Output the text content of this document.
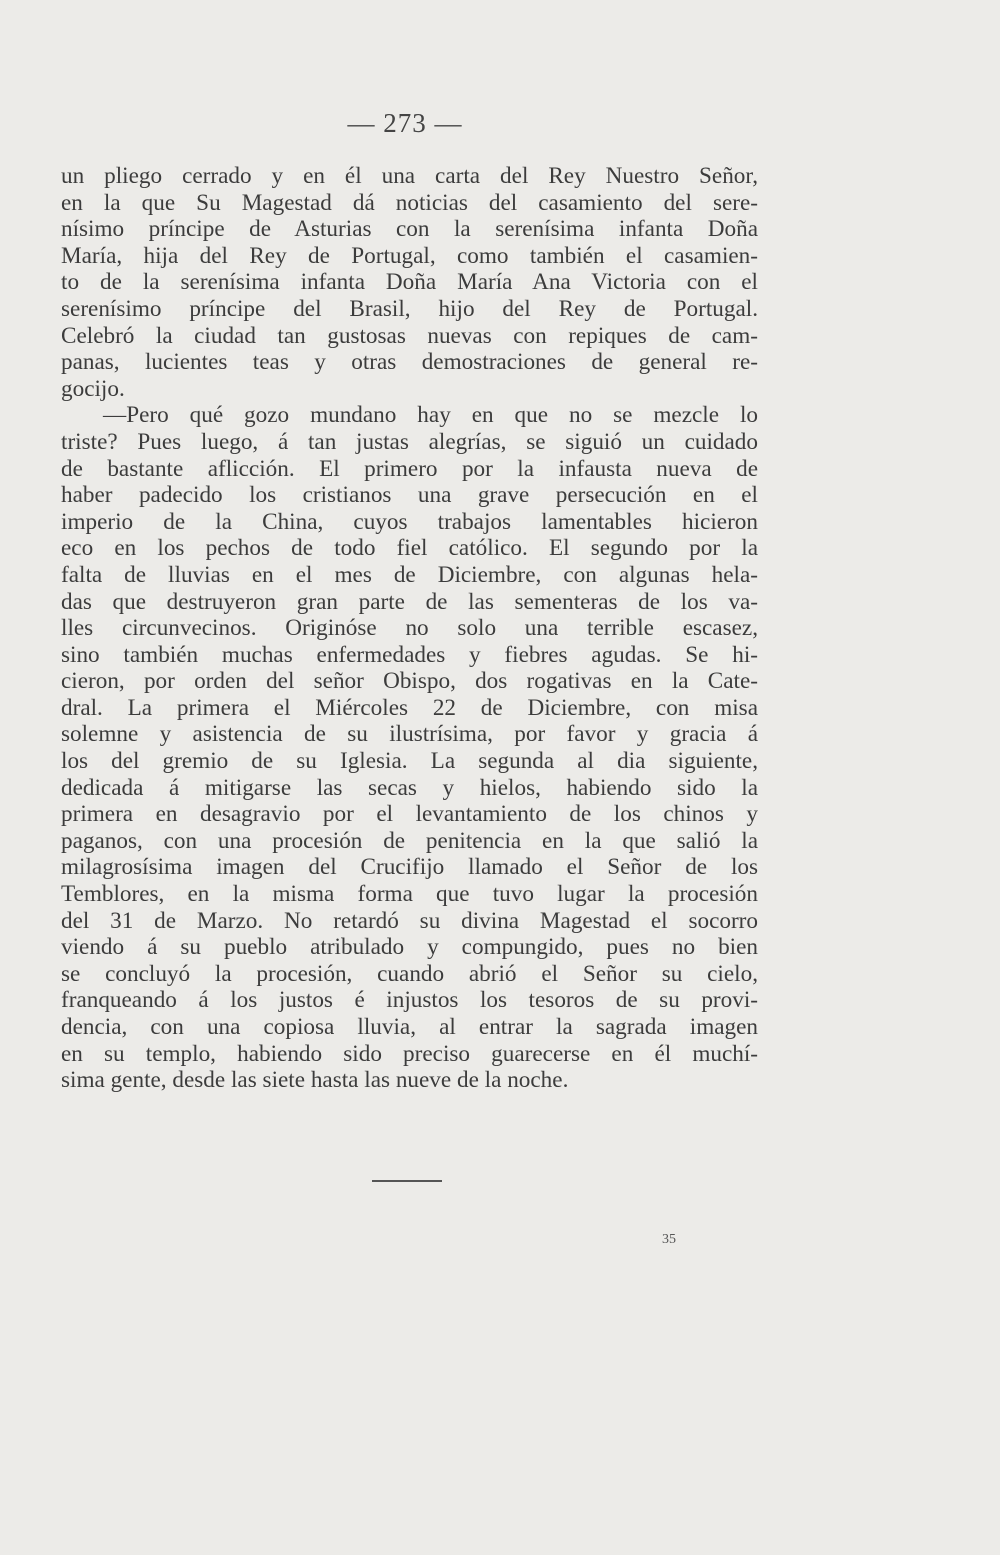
— 273 —
un pliego cerrado y en él una carta del Rey Nuestro Señor,
en la que Su Magestad dá noticias del casamiento del sere-
nísimo príncipe de Asturias con la serenísima infanta Doña
María, hija del Rey de Portugal, como también el casamien-
to de la serenísima infanta Doña María Ana Victoria con el
serenísimo príncipe del Brasil, hijo del Rey de Portugal.
Celebró la ciudad tan gustosas nuevas con repiques de cam-
panas, lucientes teas y otras demostraciones de general re-
gocijo.
—Pero qué gozo mundano hay en que no se mezcle lo
triste? Pues luego, á tan justas alegrías, se siguió un cuidado
de bastante aflicción. El primero por la infausta nueva de
haber padecido los cristianos una grave persecución en el
imperio de la China, cuyos trabajos lamentables hicieron
eco en los pechos de todo fiel católico. El segundo por la
falta de lluvias en el mes de Diciembre, con algunas hela-
das que destruyeron gran parte de las sementeras de los va-
lles circunvecinos. Originóse no solo una terrible escasez,
sino también muchas enfermedades y fiebres agudas. Se hi-
cieron, por orden del señor Obispo, dos rogativas en la Cate-
dral. La primera el Miércoles 22 de Diciembre, con misa
solemne y asistencia de su ilustrísima, por favor y gracia á
los del gremio de su Iglesia. La segunda al dia siguiente,
dedicada á mitigarse las secas y hielos, habiendo sido la
primera en desagravio por el levantamiento de los chinos y
paganos, con una procesión de penitencia en la que salió la
milagrosísima imagen del Crucifijo llamado el Señor de los
Temblores, en la misma forma que tuvo lugar la procesión
del 31 de Marzo. No retardó su divina Magestad el socorro
viendo á su pueblo atribulado y compungido, pues no bien
se concluyó la procesión, cuando abrió el Señor su cielo,
franqueando á los justos é injustos los tesoros de su provi-
dencia, con una copiosa lluvia, al entrar la sagrada imagen
en su templo, habiendo sido preciso guarecerse en él muchí-
sima gente, desde las siete hasta las nueve de la noche.
35
